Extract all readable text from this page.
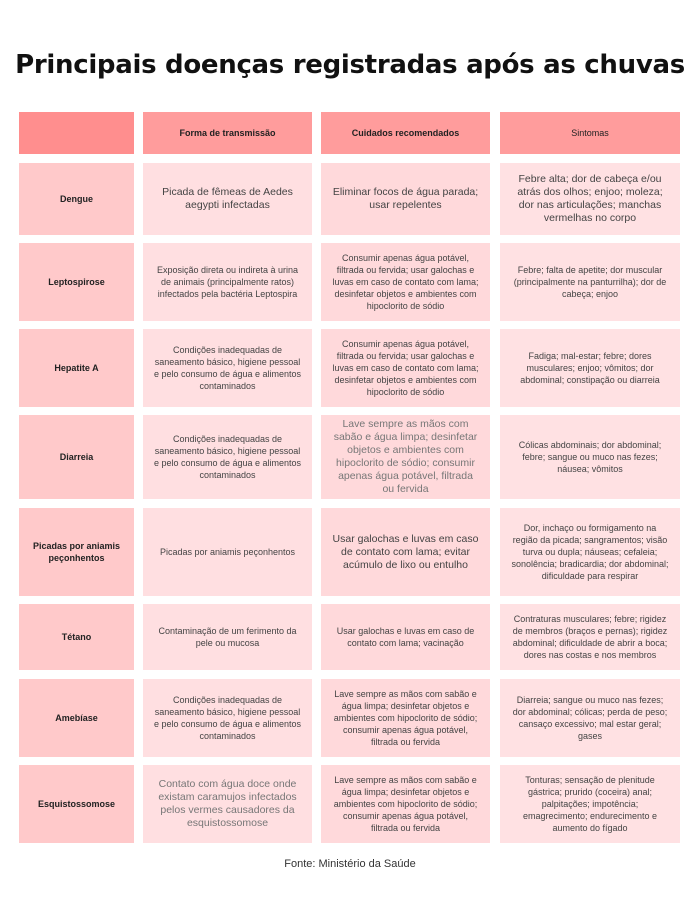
Principais doenças registradas após as chuvas
Forma de transmissão	Cuidados recomendados	Sintomas
Dengue
Picada de fêmeas de Aedes aegypti infectadas
Eliminar focos de água parada; usar repelentes
Febre alta; dor de cabeça e/ou atrás dos olhos; enjoo; moleza; dor nas articulações; manchas vermelhas no corpo
Leptospirose
Exposição direta ou indireta à urina de animais (principalmente ratos) infectados pela bactéria Leptospira
Consumir apenas água potável, filtrada ou fervida; usar galochas e luvas em caso de contato com lama; desinfetar objetos e ambientes com hipoclorito de sódio
Febre; falta de apetite; dor muscular (principalmente na panturrilha); dor de cabeça; enjoo
Hepatite A
Condições inadequadas de saneamento básico, higiene pessoal e pelo consumo de água e alimentos contaminados
Consumir apenas água potável, filtrada ou fervida; usar galochas e luvas em caso de contato com lama; desinfetar objetos e ambientes com hipoclorito de sódio
Fadiga; mal-estar; febre; dores musculares; enjoo; vômitos; dor abdominal; constipação ou diarreia
Diarreia
Condições inadequadas de saneamento básico, higiene pessoal e pelo consumo de água e alimentos contaminados
Lave sempre as mãos com sabão e água limpa; desinfetar objetos e ambientes com hipoclorito de sódio; consumir apenas água potável, filtrada ou fervida
Cólicas abdominais; dor abdominal; febre; sangue ou muco nas fezes; náusea; vômitos
Picadas por aniamis peçonhentos
Picadas por aniamis peçonhentos
Usar galochas e luvas em caso de contato com lama; evitar acúmulo de lixo ou entulho
Dor, inchaço ou formigamento na região da picada; sangramentos; visão turva ou dupla; náuseas; cefaleia; sonolência; bradicardia; dor abdominal; dificuldade para respirar
Tétano
Contaminação de um ferimento da pele ou mucosa
Usar galochas e luvas em caso de contato com lama; vacinação
Contraturas musculares; febre; rigidez de membros (braços e pernas); rigidez abdominal; dificuldade de abrir a boca; dores nas costas e nos membros
Amebíase
Condições inadequadas de saneamento básico, higiene pessoal e pelo consumo de água e alimentos contaminados
Lave sempre as mãos com sabão e água limpa; desinfetar objetos e ambientes com hipoclorito de sódio; consumir apenas água potável, filtrada ou fervida
Diarreia; sangue ou muco nas fezes; dor abdominal; cólicas; perda de peso; cansaço excessivo; mal estar geral; gases
Esquistossomose
Contato com água doce onde existam caramujos infectados pelos vermes causadores da esquistossomose
Lave sempre as mãos com sabão e água limpa; desinfetar objetos e ambientes com hipoclorito de sódio; consumir apenas água potável, filtrada ou fervida
Tonturas; sensação de plenitude gástrica; prurido (coceira) anal; palpitações; impotência; emagrecimento; endurecimento e aumento do fígado
Fonte: Ministério da Saúde
